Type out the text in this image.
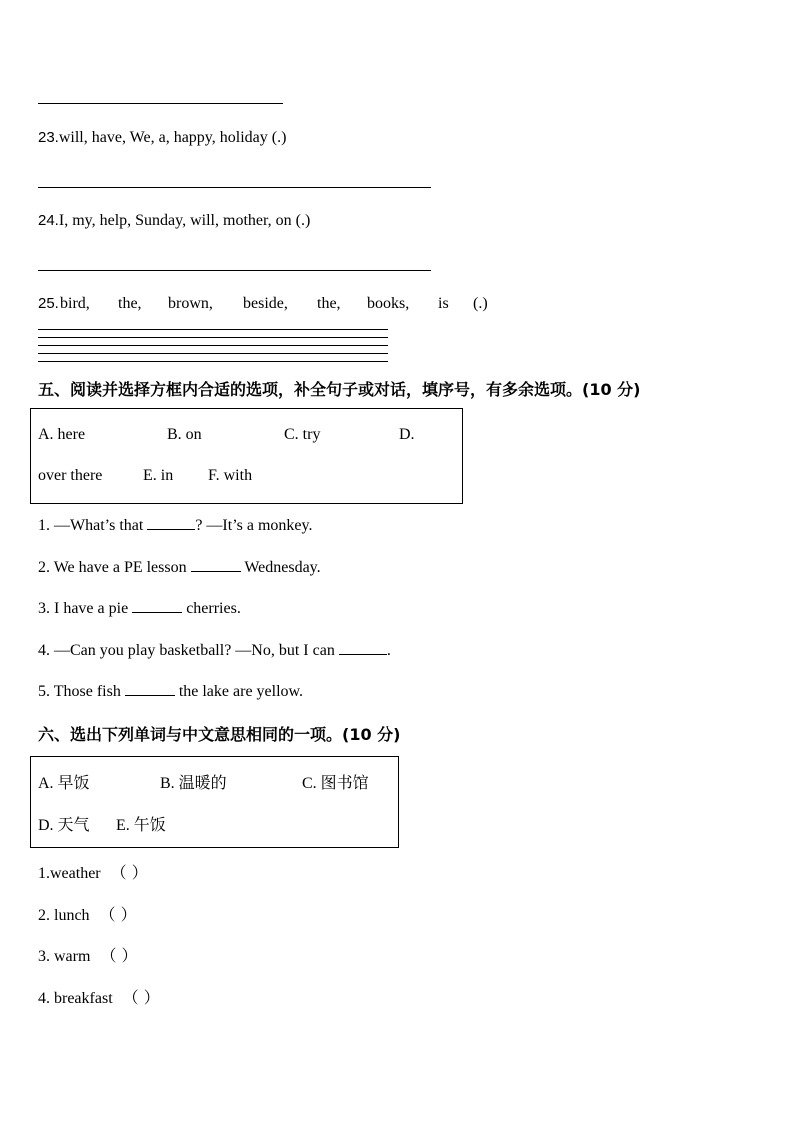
23.will, have, We, a, happy, holiday (.)
24.I, my, help, Sunday, will, mother, on (.)
25. bird, the, brown, beside, the, books, is (.)
五、阅读并选择方框内合适的选项，补全句子或对话，填序号，有多余选项。(10 分)
A. here	B. on	C. try	D.
over there	E. in F. with
1. —What’s that	? —It’s a monkey.
2. We have a PE lesson	Wednesday.
3. I have a pie	cherries.
4. —Can you play basketball? —No, but I can	.
5. Those fish	the lake are yellow.
六、选出下列单词与中文意思相同的一项。(10 分)
A. 早饭	B. 温暖的	C. 图书馆
D. 天气 E. 午饭
1.weather （ ）
2. lunch （ ）
3. warm （ ）
4. breakfast （ ）
